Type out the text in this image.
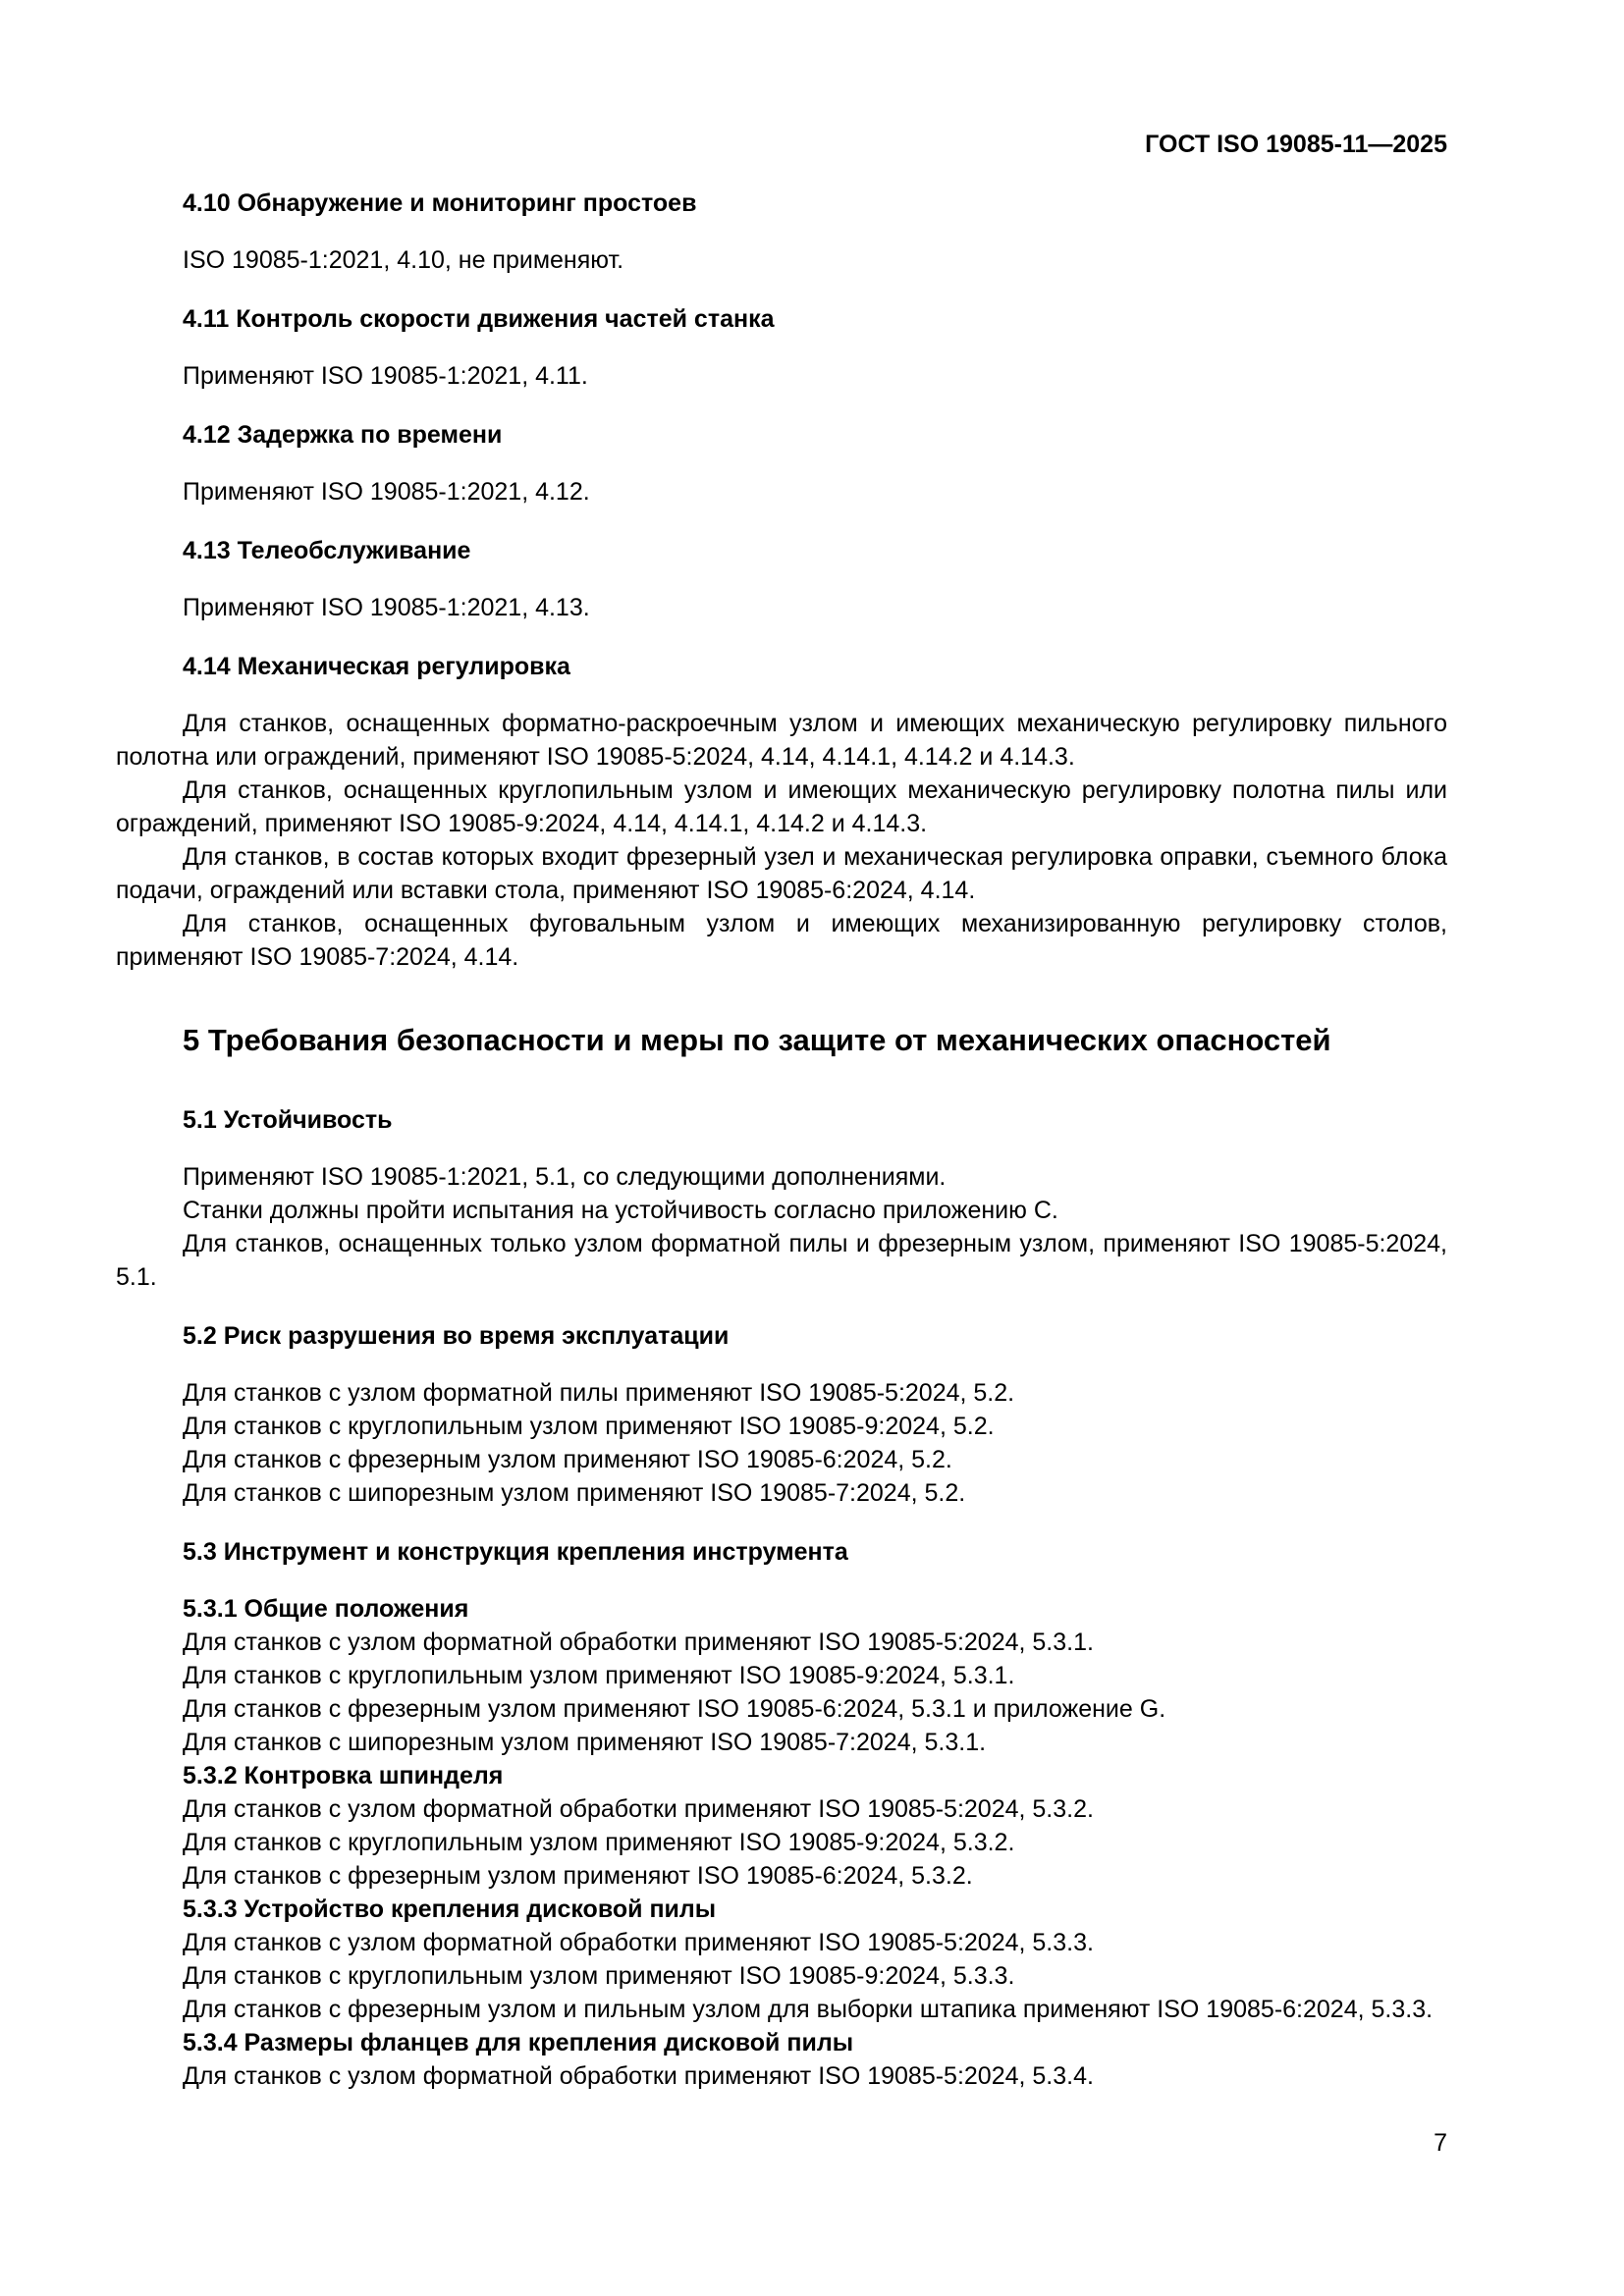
ГОСТ ISO 19085-11—2025
4.10 Обнаружение и мониторинг простоев
ISO 19085-1:2021, 4.10, не применяют.
4.11 Контроль скорости движения частей станка
Применяют ISO 19085-1:2021, 4.11.
4.12 Задержка по времени
Применяют ISO 19085-1:2021, 4.12.
4.13 Телеобслуживание
Применяют ISO 19085-1:2021, 4.13.
4.14 Механическая регулировка
Для станков, оснащенных форматно-раскроечным узлом и имеющих механическую регулировку пильного полотна или ограждений, применяют ISO 19085-5:2024, 4.14, 4.14.1, 4.14.2 и 4.14.3.
Для станков, оснащенных круглопильным узлом и имеющих механическую регулировку полотна пилы или ограждений, применяют ISO 19085-9:2024, 4.14, 4.14.1, 4.14.2 и 4.14.3.
Для станков, в состав которых входит фрезерный узел и механическая регулировка оправки, съемного блока подачи, ограждений или вставки стола, применяют ISO 19085-6:2024, 4.14.
Для станков, оснащенных фуговальным узлом и имеющих механизированную регулировку столов, применяют ISO 19085-7:2024, 4.14.
5 Требования безопасности и меры по защите от механических опасностей
5.1 Устойчивость
Применяют ISO 19085-1:2021, 5.1, со следующими дополнениями.
Станки должны пройти испытания на устойчивость согласно приложению C.
Для станков, оснащенных только узлом форматной пилы и фрезерным узлом, применяют ISO 19085-5:2024, 5.1.
5.2 Риск разрушения во время эксплуатации
Для станков с узлом форматной пилы применяют ISO 19085-5:2024, 5.2.
Для станков с круглопильным узлом применяют ISO 19085-9:2024, 5.2.
Для станков с фрезерным узлом применяют ISO 19085-6:2024, 5.2.
Для станков с шипорезным узлом применяют ISO 19085-7:2024, 5.2.
5.3 Инструмент и конструкция крепления инструмента
5.3.1 Общие положения
Для станков с узлом форматной обработки применяют ISO 19085-5:2024, 5.3.1.
Для станков с круглопильным узлом применяют ISO 19085-9:2024, 5.3.1.
Для станков с фрезерным узлом применяют ISO 19085-6:2024, 5.3.1 и приложение G.
Для станков с шипорезным узлом применяют ISO 19085-7:2024, 5.3.1.
5.3.2 Контровка шпинделя
Для станков с узлом форматной обработки применяют ISO 19085-5:2024, 5.3.2.
Для станков с круглопильным узлом применяют ISO 19085-9:2024, 5.3.2.
Для станков с фрезерным узлом применяют ISO 19085-6:2024, 5.3.2.
5.3.3 Устройство крепления дисковой пилы
Для станков с узлом форматной обработки применяют ISO 19085-5:2024, 5.3.3.
Для станков с круглопильным узлом применяют ISO 19085-9:2024, 5.3.3.
Для станков с фрезерным узлом и пильным узлом для выборки штапика применяют ISO 19085-6:2024, 5.3.3.
5.3.4 Размеры фланцев для крепления дисковой пилы
Для станков с узлом форматной обработки применяют ISO 19085-5:2024, 5.3.4.
7
